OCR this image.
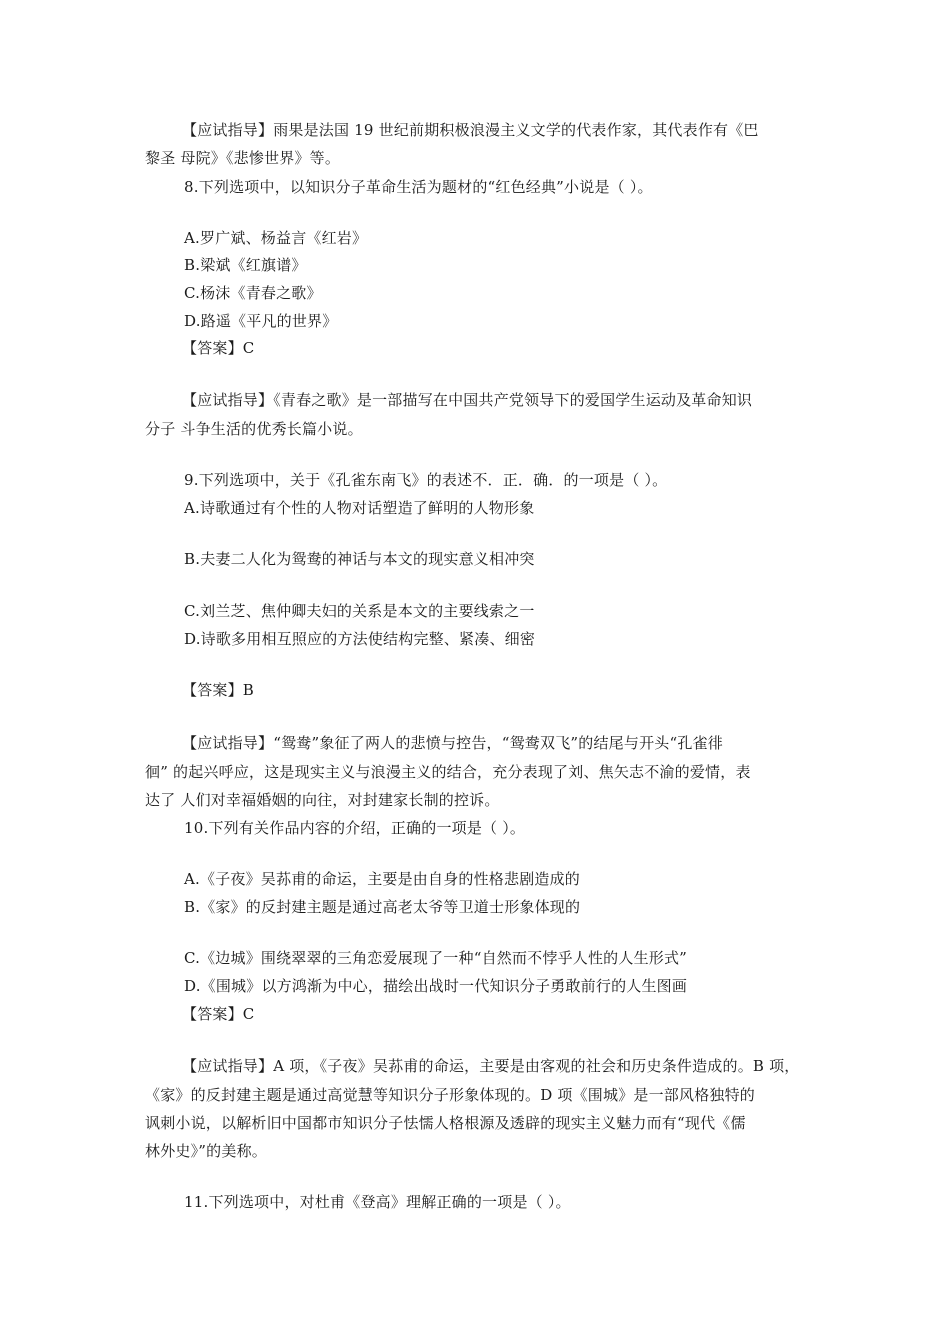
【应试指导】雨果是法国 19 世纪前期积极浪漫主义文学的代表作家，其代表作有《巴
黎圣 母院》《悲惨世界》等。
8.下列选项中，以知识分子革命生活为题材的“红色经典”小说是（ ）。
A.罗广斌、杨益言《红岩》
B.梁斌《红旗谱》
C.杨沫《青春之歌》
D.路遥《平凡的世界》
【答案】C
【应试指导】《青春之歌》是一部描写在中国共产党领导下的爱国学生运动及革命知识
分子 斗争生活的优秀长篇小说。
9.下列选项中，关于《孔雀东南飞》的表述不．正．确．的一项是（ ）。
A.诗歌通过有个性的人物对话塑造了鲜明的人物形象
B.夫妻二人化为鸳鸯的神话与本文的现实意义相冲突
C.刘兰芝、焦仲卿夫妇的关系是本文的主要线索之一
D.诗歌多用相互照应的方法使结构完整、紧凑、细密
【答案】B
【应试指导】“鸳鸯”象征了两人的悲愤与控告，“鸳鸯双飞”的结尾与开头“孔雀徘
徊” 的起兴呼应，这是现实主义与浪漫主义的结合，充分表现了刘、焦矢志不渝的爱情，表
达了 人们对幸福婚姻的向往，对封建家长制的控诉。
10.下列有关作品内容的介绍，正确的一项是（ ）。
A.《子夜》吴荪甫的命运，主要是由自身的性格悲剧造成的
B.《家》的反封建主题是通过高老太爷等卫道士形象体现的
C.《边城》围绕翠翠的三角恋爱展现了一种“自然而不悖乎人性的人生形式”
D.《围城》以方鸿渐为中心，描绘出战时一代知识分子勇敢前行的人生图画
【答案】C
【应试指导】A 项，《子夜》吴荪甫的命运，主要是由客观的社会和历史条件造成的。B 项，
《家》的反封建主题是通过高觉慧等知识分子形象体现的。D 项《围城》是一部风格独特的
讽刺小说，以解析旧中国都市知识分子怯懦人格根源及透辟的现实主义魅力而有“现代《儒
林外史》”的美称。
11.下列选项中，对杜甫《登高》理解正确的一项是（ ）。
